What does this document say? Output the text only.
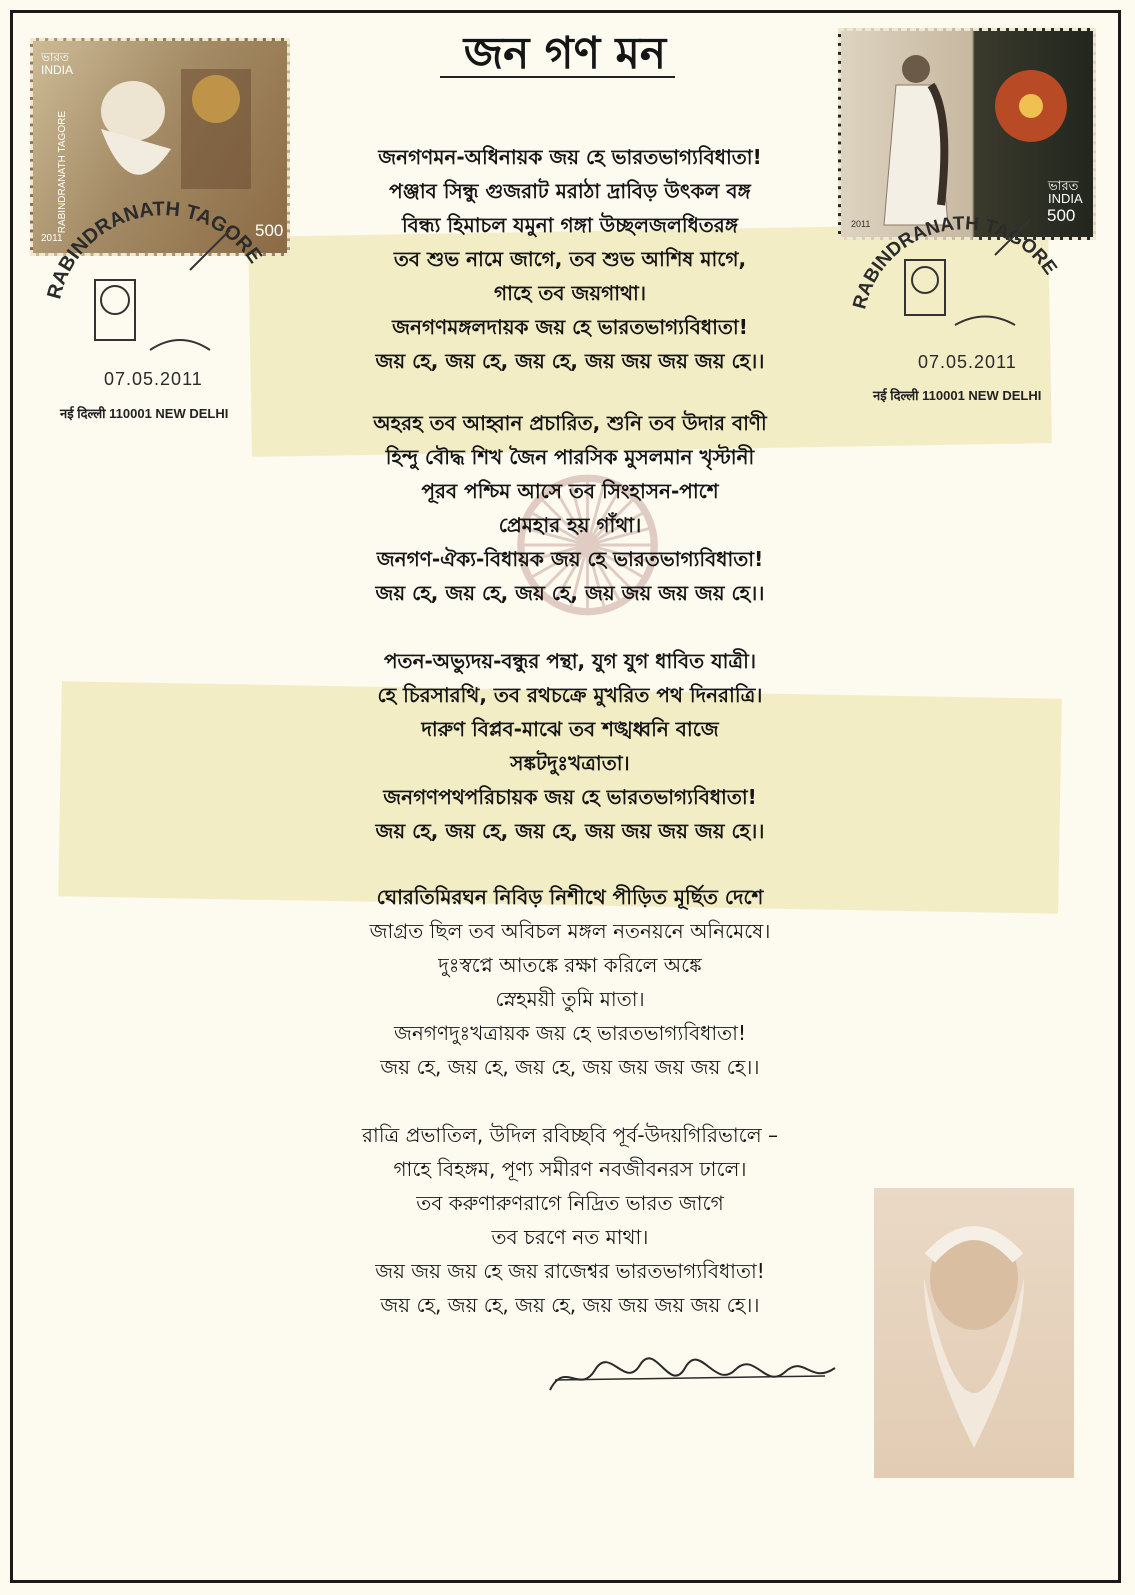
জন গণ মন
ভারত
INDIA
2011	500
RABINDRANATH TAGORE
RABINDRANATH TAGORE
07.05.2011
नई दिल्ली 110001 NEW DELHI
ভারত
INDIA
500
2011
RABINDRANATH TAGORE
07.05.2011
नई दिल्ली 110001 NEW DELHI
জনগণমন-অধিনায়ক জয় হে ভারতভাগ্যবিধাতা!
পঞ্জাব সিন্ধু গুজরাট মরাঠা দ্রাবিড় উৎকল বঙ্গ
বিন্ধ্য হিমাচল যমুনা গঙ্গা উচ্ছলজলধিতরঙ্গ
তব শুভ নামে জাগে, তব শুভ আশিষ মাগে,
গাহে তব জয়গাথা।
জনগণমঙ্গলদায়ক জয় হে ভারতভাগ্যবিধাতা!
জয় হে, জয় হে, জয় হে, জয় জয় জয় জয় হে।।
অহরহ তব আহ্বান প্রচারিত, শুনি তব উদার বাণী
হিন্দু বৌদ্ধ শিখ জৈন পারসিক মুসলমান খৃস্টানী
পূরব পশ্চিম আসে তব সিংহাসন-পাশে
প্রেমহার হয় গাঁথা।
জনগণ-ঐক্য-বিধায়ক জয় হে ভারতভাগ্যবিধাতা!
জয় হে, জয় হে, জয় হে, জয় জয় জয় জয় হে।।
পতন-অভ্যুদয়-বন্ধুর পন্থা, যুগ যুগ ধাবিত যাত্রী।
হে চিরসারথি, তব রথচক্রে মুখরিত পথ দিনরাত্রি।
দারুণ বিপ্লব-মাঝে তব শঙ্খধ্বনি বাজে
সঙ্কটদুঃখত্রাতা।
জনগণপথপরিচায়ক জয় হে ভারতভাগ্যবিধাতা!
জয় হে, জয় হে, জয় হে, জয় জয় জয় জয় হে।।
ঘোরতিমিরঘন নিবিড় নিশীথে পীড়িত মূর্ছিত দেশে
জাগ্রত ছিল তব অবিচল মঙ্গল নতনয়নে অনিমেষে।
দুঃস্বপ্নে আতঙ্কে রক্ষা করিলে অঙ্কে
স্নেহময়ী তুমি মাতা।
জনগণদুঃখত্রায়ক জয় হে ভারতভাগ্যবিধাতা!
জয় হে, জয় হে, জয় হে, জয় জয় জয় জয় হে।।
রাত্রি প্রভাতিল, উদিল রবিচ্ছবি পূর্ব-উদয়গিরিভালে –
গাহে বিহঙ্গম, পূণ্য সমীরণ নবজীবনরস ঢালে।
তব করুণারুণরাগে নিদ্রিত ভারত জাগে
তব চরণে নত মাথা।
জয় জয় জয় হে জয় রাজেশ্বর ভারতভাগ্যবিধাতা!
জয় হে, জয় হে, জয় হে, জয় জয় জয় জয় হে।।
